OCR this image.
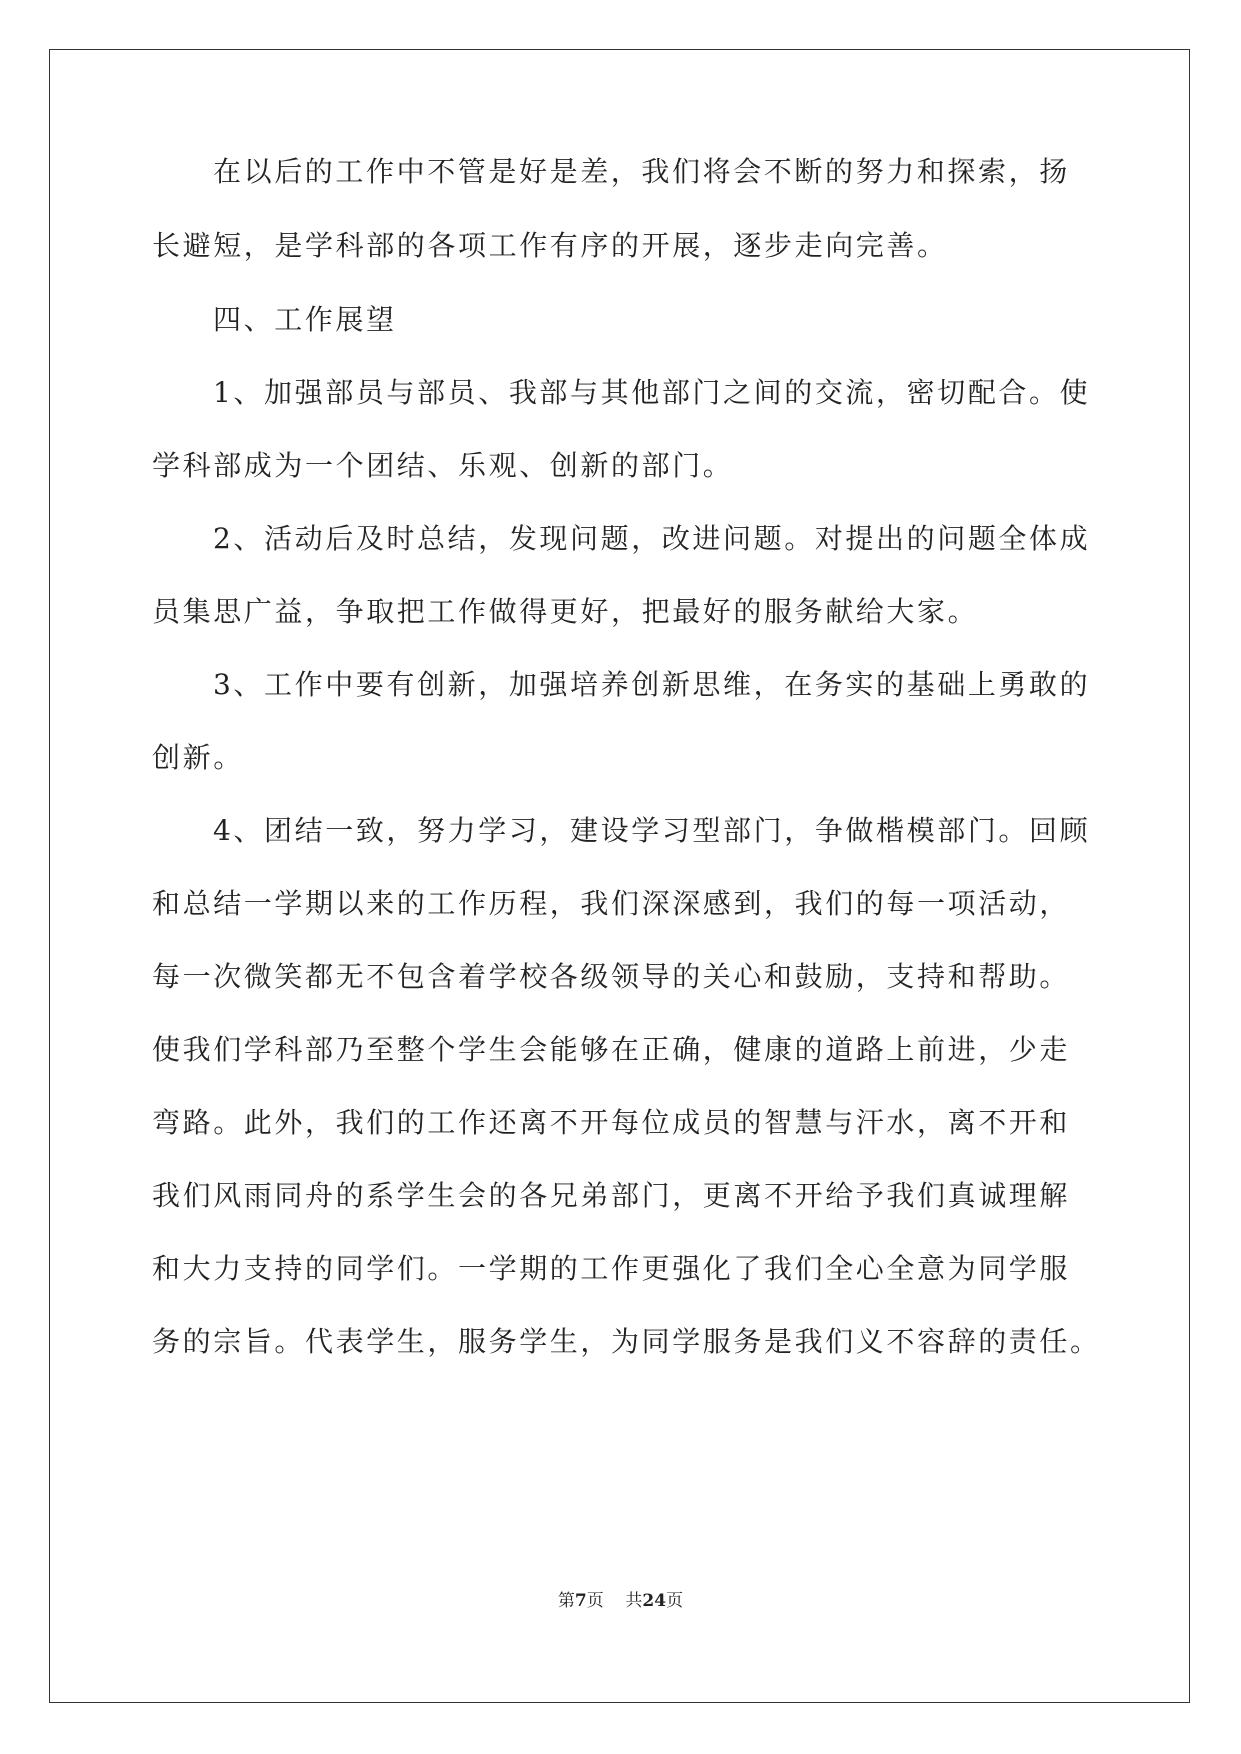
在以后的工作中不管是好是差，我们将会不断的努力和探索，扬
长避短，是学科部的各项工作有序的开展，逐步走向完善。
四、工作展望
1、加强部员与部员、我部与其他部门之间的交流，密切配合。使
学科部成为一个团结、乐观、创新的部门。
2、活动后及时总结，发现问题，改进问题。对提出的问题全体成
员集思广益，争取把工作做得更好，把最好的服务献给大家。
3、工作中要有创新，加强培养创新思维，在务实的基础上勇敢的
创新。
4、团结一致，努力学习，建设学习型部门，争做楷模部门。回顾
和总结一学期以来的工作历程，我们深深感到，我们的每一项活动，
每一次微笑都无不包含着学校各级领导的关心和鼓励，支持和帮助。
使我们学科部乃至整个学生会能够在正确，健康的道路上前进，少走
弯路。此外，我们的工作还离不开每位成员的智慧与汗水，离不开和
我们风雨同舟的系学生会的各兄弟部门，更离不开给予我们真诚理解
和大力支持的同学们。一学期的工作更强化了我们全心全意为同学服
务的宗旨。代表学生，服务学生，为同学服务是我们义不容辞的责任。
第7页 共24页
